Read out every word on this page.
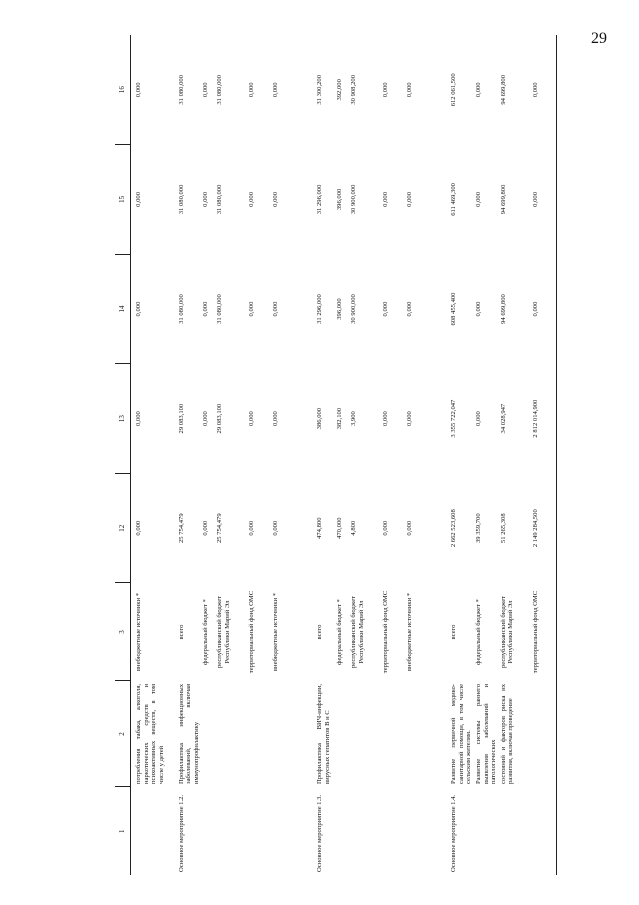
29
1	2	3	12	13	14	15	16
	потребления табака, алкоголя, наркотических средств и психоактивных веществ, в том числе у детей	внебюджетные источники *	0,000	0,000	0,000	0,000	0,000
Основное мероприятие 1.2.	Профилактика инфекционных заболеваний, включая иммунопрофилактику	всего	25 754,479	29 083,100	31 080,000	31 080,000	31 080,000
		федеральный бюджет *	0,000	0,000	0,000	0,000	0,000
		республиканский бюджет Республики Марий Эл	25 754,479	29 083,100	31 080,000	31 080,000	31 080,000
		территориальный фонд ОМС	0,000	0,000	0,000	0,000	0,000
		внебюджетные источники *	0,000	0,000	0,000	0,000	0,000
Основное мероприятие 1.3.	Профилактика ВИЧ-инфекции, вирусных гепатитов В и С	всего	474,800	386,000	31 296,000	31 296,000	31 300,200
		федеральный бюджет *	470,000	382,100	396,000	396,000	392,000
		республиканский бюджет Республики Марий Эл	4,800	3,900	30 900,000	30 900,000	30 908,200
		территориальный фонд ОМС	0,000	0,000	0,000	0,000	0,000
		внебюджетные источники *	0,000	0,000	0,000	0,000	0,000
Основное мероприятие 1.4.	Развитие первичной медико-санитарной помощи, в том числе сельским жителям.	всего	2 662 523,608	3 355 722,047	608 455,400	611 469,300	612 061,500
	Развитие системы раннего выявления заболеваний и патологических	федеральный бюджет *	39 359,700	0,000	0,000	0,000	0,000
	состояний и факторов риска их развития, включая проведение	республиканский бюджет Республики Марий Эл	51 265,308	34 028,947	94 699,800	94 699,800	94 699,800
		территориальный фонд ОМС	2 149 284,500	2 812 014,900	0,000	0,000	0,000
